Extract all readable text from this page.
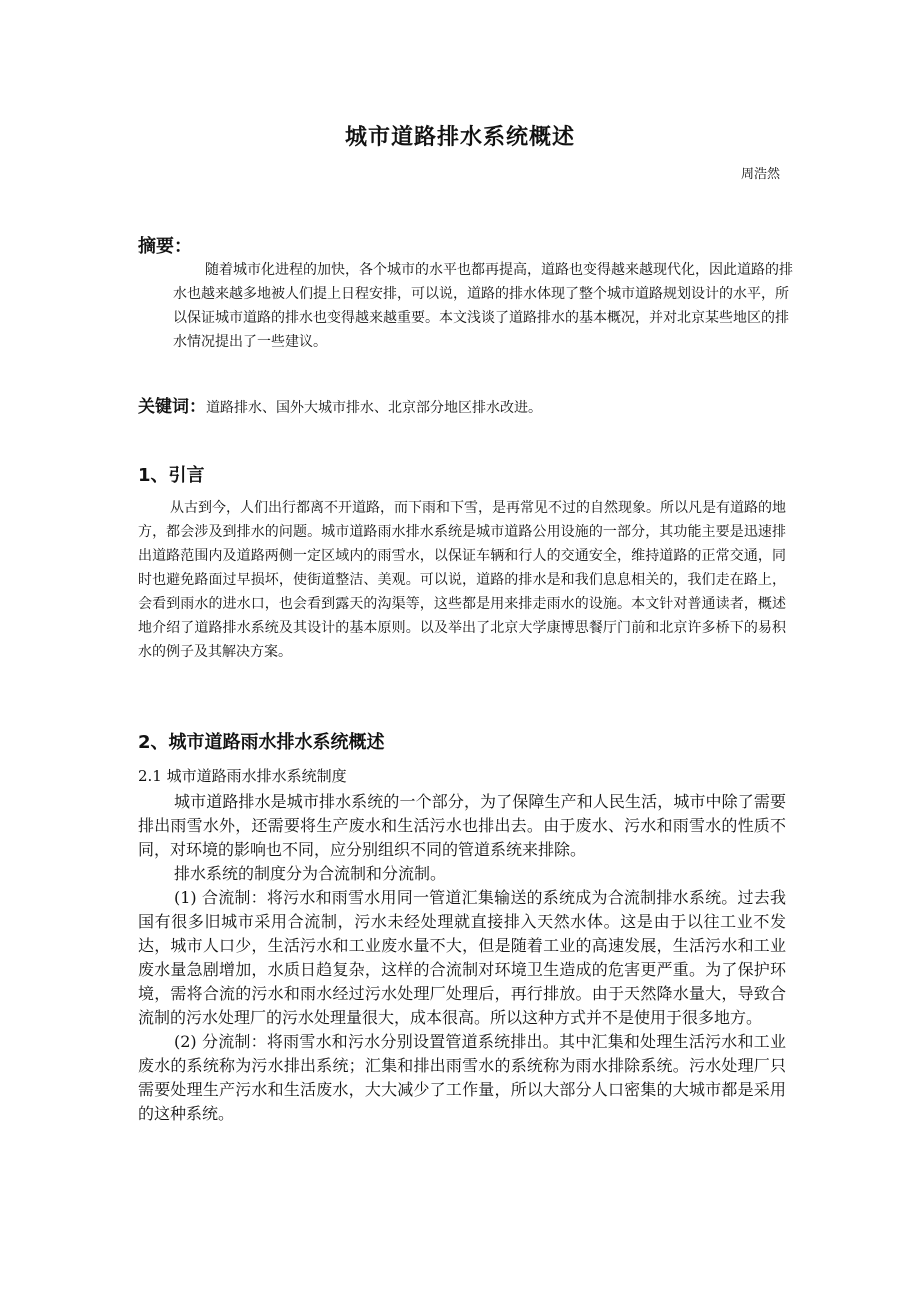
城市道路排水系统概述
周浩然
摘要：

随着城市化进程的加快，各个城市的水平也都再提高，道路也变得越来越现代化，因此道路的排水也越来越多地被人们提上日程安排，可以说，道路的排水体现了整个城市道路规划设计的水平，所以保证城市道路的排水也变得越来越重要。本文浅谈了道路排水的基本概况，并对北京某些地区的排水情况提出了一些建议。

关键词：道路排水、国外大城市排水、北京部分地区排水改进。

1、引言

从古到今，人们出行都离不开道路，而下雨和下雪，是再常见不过的自然现象。所以凡是有道路的地方，都会涉及到排水的问题。城市道路雨水排水系统是城市道路公用设施的一部分，其功能主要是迅速排出道路范围内及道路两侧一定区域内的雨雪水，以保证车辆和行人的交通安全，维持道路的正常交通，同时也避免路面过早损坏，使街道整洁、美观。可以说，道路的排水是和我们息息相关的，我们走在路上，会看到雨水的进水口，也会看到露天的沟渠等，这些都是用来排走雨水的设施。本文针对普通读者，概述地介绍了道路排水系统及其设计的基本原则。以及举出了北京大学康博思餐厅门前和北京许多桥下的易积水的例子及其解决方案。

2、城市道路雨水排水系统概述
2.1 城市道路雨水排水系统制度

城市道路排水是城市排水系统的一个部分，为了保障生产和人民生活，城市中除了需要排出雨雪水外，还需要将生产废水和生活污水也排出去。由于废水、污水和雨雪水的性质不同，对环境的影响也不同，应分别组织不同的管道系统来排除。

排水系统的制度分为合流制和分流制。

(1) 合流制：将污水和雨雪水用同一管道汇集输送的系统成为合流制排水系统。过去我国有很多旧城市采用合流制，污水未经处理就直接排入天然水体。这是由于以往工业不发达，城市人口少，生活污水和工业废水量不大，但是随着工业的高速发展，生活污水和工业废水量急剧增加，水质日趋复杂，这样的合流制对环境卫生造成的危害更严重。为了保护环境，需将合流的污水和雨水经过污水处理厂处理后，再行排放。由于天然降水量大，导致合流制的污水处理厂的污水处理量很大，成本很高。所以这种方式并不是使用于很多地方。

(2) 分流制：将雨雪水和污水分别设置管道系统排出。其中汇集和处理生活污水和工业废水的系统称为污水排出系统；汇集和排出雨雪水的系统称为雨水排除系统。污水处理厂只需要处理生产污水和生活废水，大大减少了工作量，所以大部分人口密集的大城市都是采用的这种系统。
